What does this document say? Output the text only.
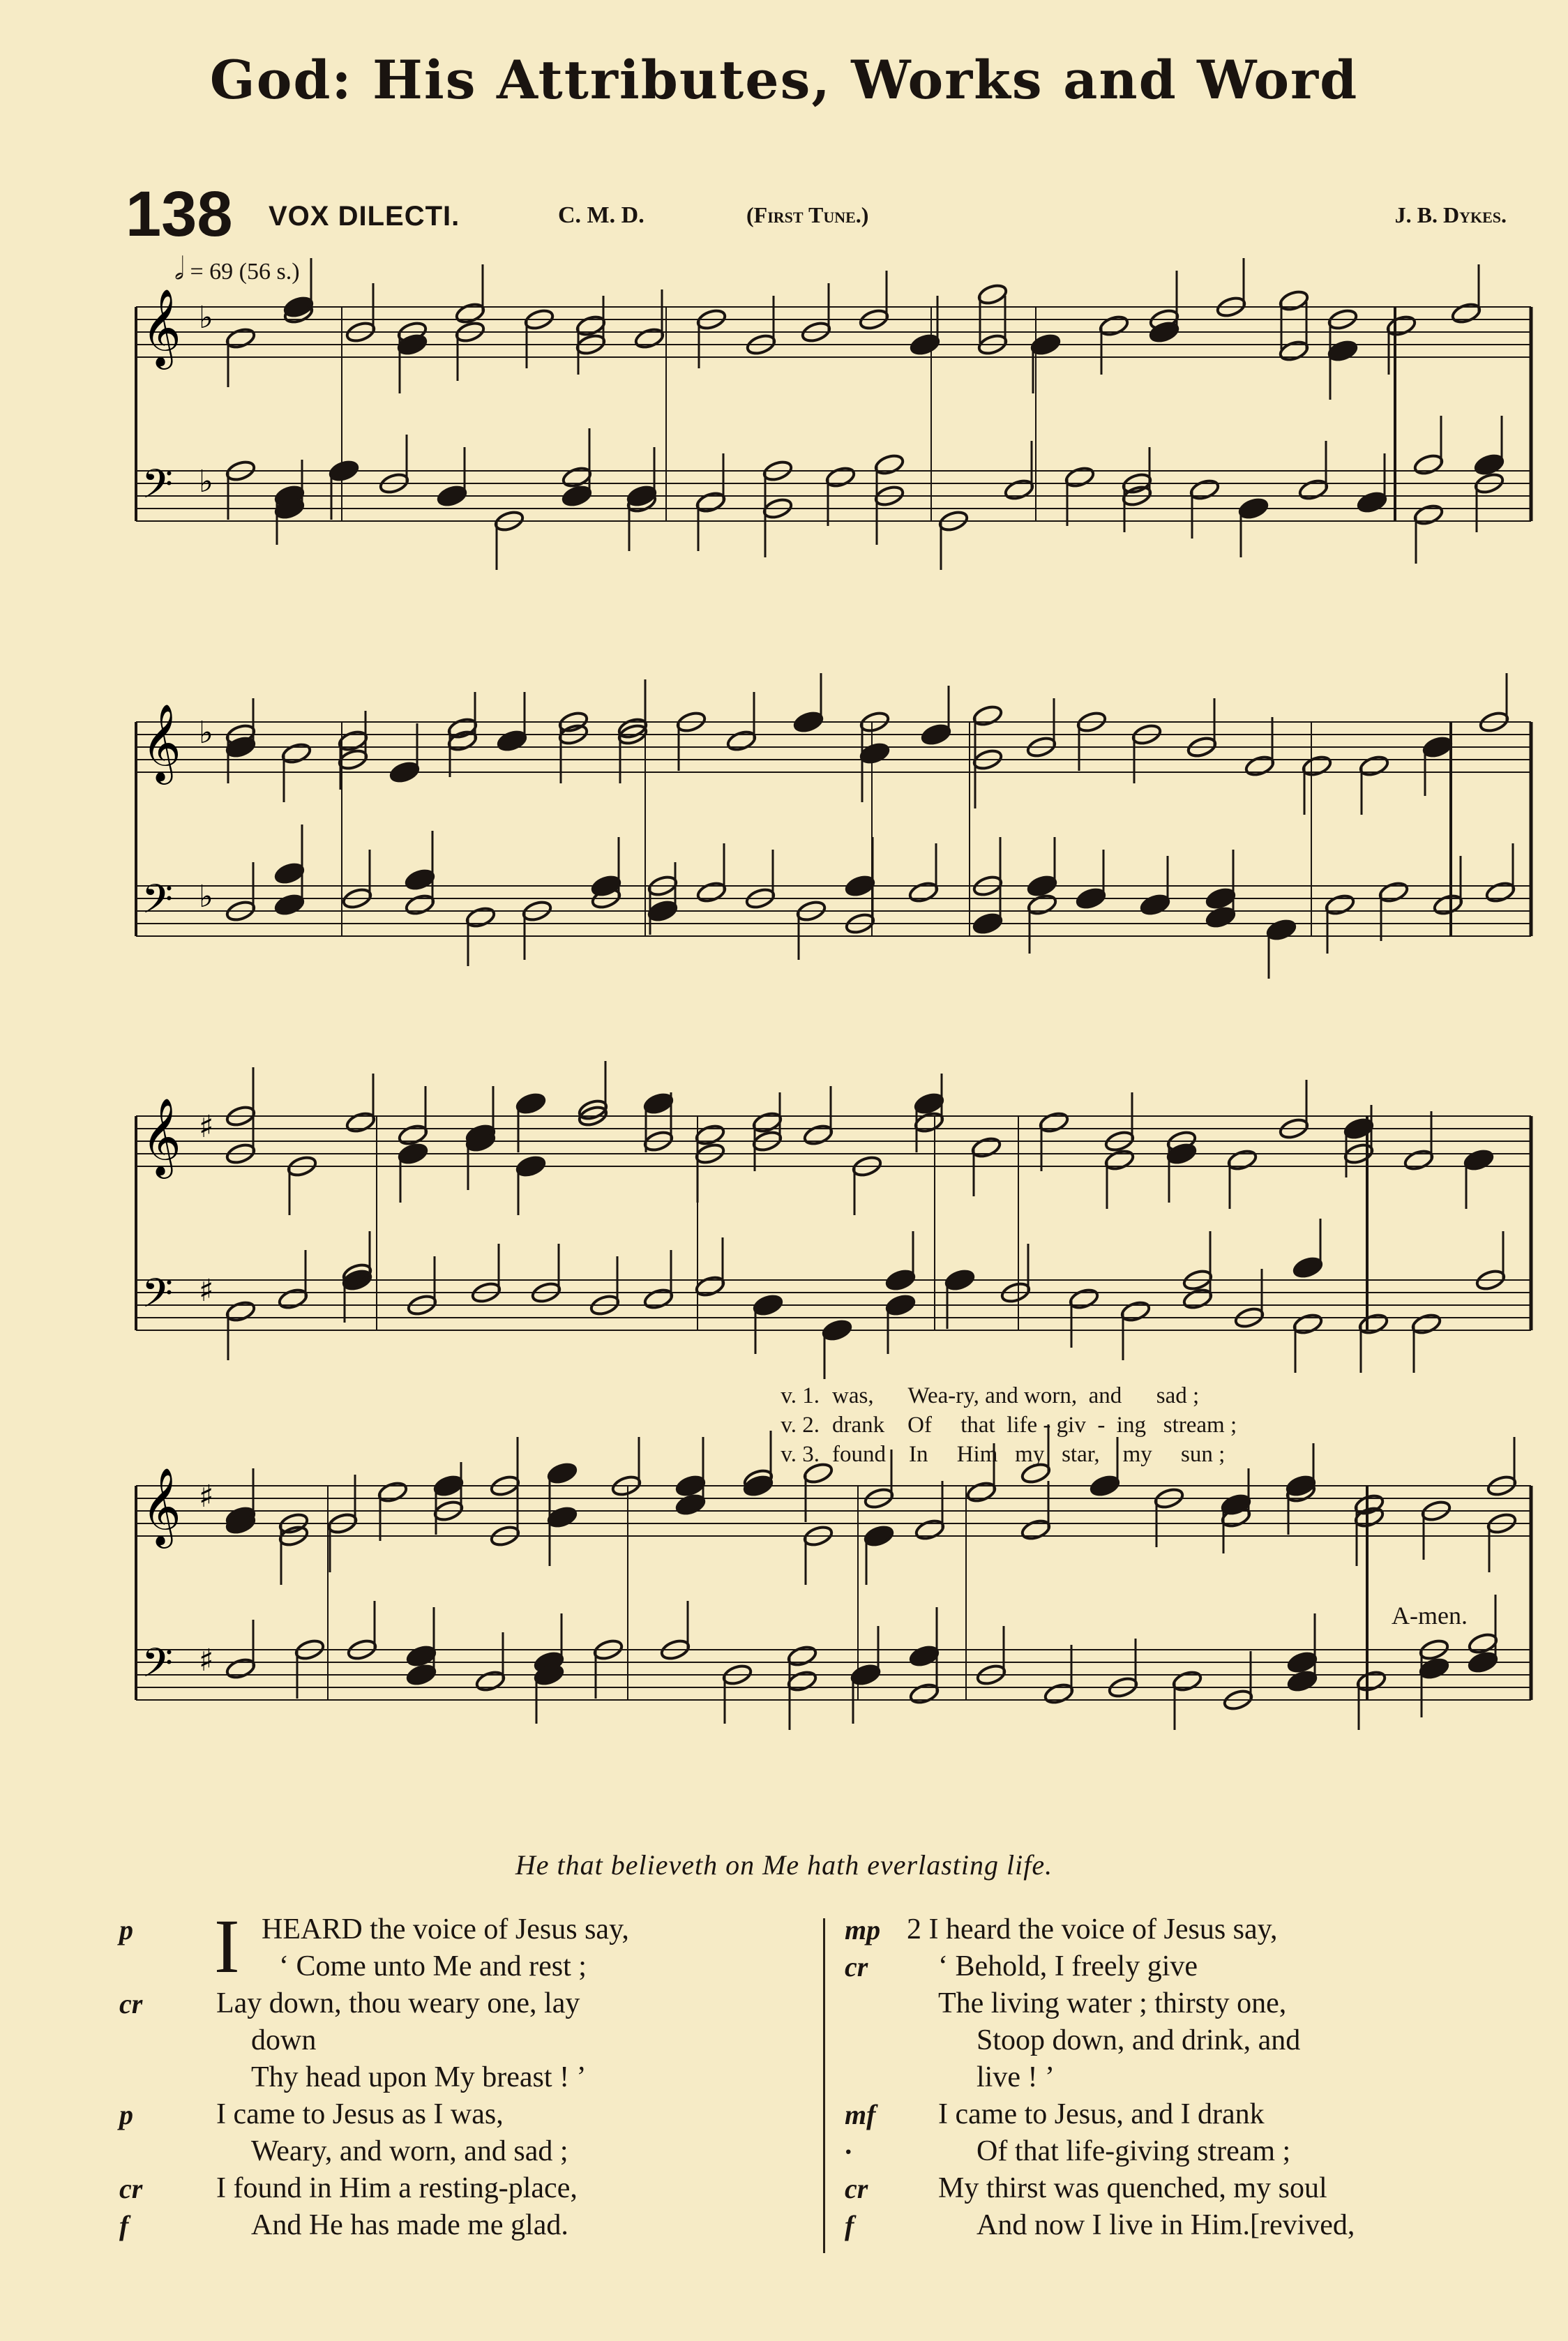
God: His Attributes, Works and Word
138 VOX DILECTI.	C. M. D.	(First Tune.)	J. B. Dykes.
𝅗𝅥 = 69 (56 s.)
𝄞 ♭
𝄢 ♭
𝄞 ♭
𝄢 ♭
𝄞 ♯
𝄢 ♯
𝄞 ♯
𝄢 ♯
v. 1. was,      Wea-ry, and worn,  and      sad ;
v. 2. drank    Of     that  life - giv  -  ing   stream ;
v. 3. found    In     Him   my   star,    my     sun ;
A-men.
He that believeth on Me hath everlasting life.
I
p	HEARD the voice of Jesus say,
‘ Come unto Me and rest ;
cr	Lay down, thou weary one, lay
down
Thy head upon My breast ! ’
p	I came to Jesus as I was,
Weary, and worn, and sad ;
cr	I found in Him a resting-place,
f	And He has made me glad.
mp 2 I heard the voice of Jesus say,
cr	‘ Behold, I freely give
The living water ; thirsty one,
Stoop down, and drink, and
live ! ’
mf	I came to Jesus, and I drank
·	Of that life-giving stream ;
cr	My thirst was quenched, my soul
f	And now I live in Him.[revived,
